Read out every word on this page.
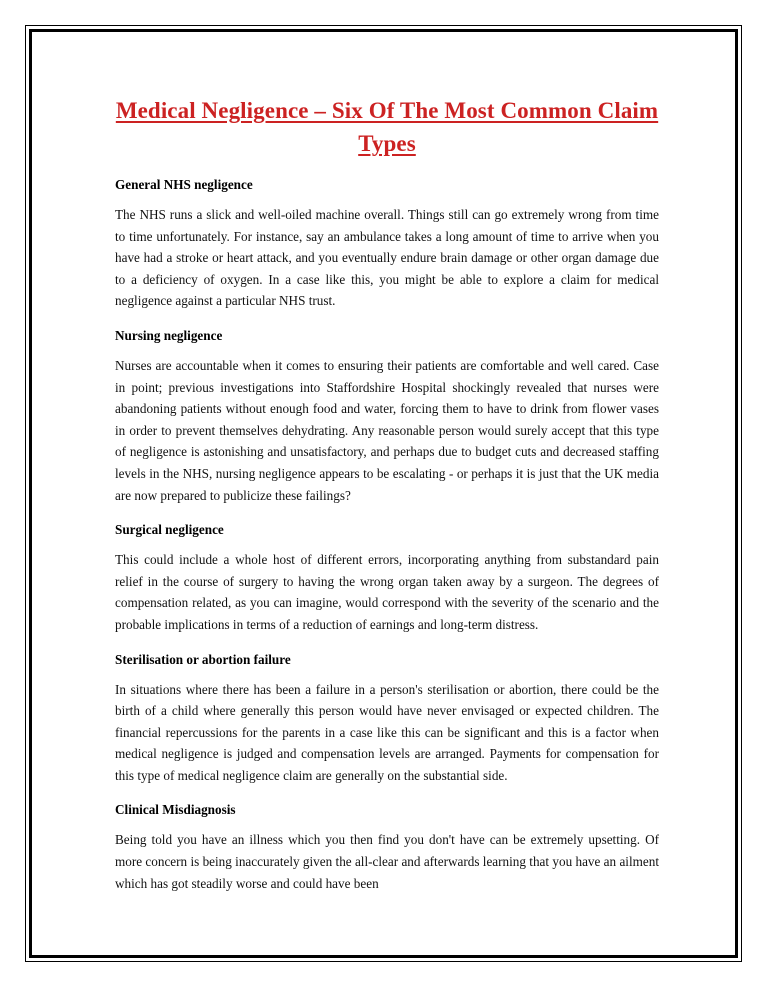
Medical Negligence – Six Of The Most Common Claim Types
General NHS negligence

The NHS runs a slick and well-oiled machine overall. Things still can go extremely wrong from time to time unfortunately. For instance, say an ambulance takes a long amount of time to arrive when you have had a stroke or heart attack, and you eventually endure brain damage or other organ damage due to a deficiency of oxygen. In a case like this, you might be able to explore a claim for medical negligence against a particular NHS trust.

Nursing negligence

Nurses are accountable when it comes to ensuring their patients are comfortable and well cared. Case in point; previous investigations into Staffordshire Hospital shockingly revealed that nurses were abandoning patients without enough food and water, forcing them to have to drink from flower vases in order to prevent themselves dehydrating. Any reasonable person would surely accept that this type of negligence is astonishing and unsatisfactory, and perhaps due to budget cuts and decreased staffing levels in the NHS, nursing negligence appears to be escalating - or perhaps it is just that the UK media are now prepared to publicize these failings?

Surgical negligence

This could include a whole host of different errors, incorporating anything from substandard pain relief in the course of surgery to having the wrong organ taken away by a surgeon. The degrees of compensation related, as you can imagine, would correspond with the severity of the scenario and the probable implications in terms of a reduction of earnings and long-term distress.

Sterilisation or abortion failure

In situations where there has been a failure in a person's sterilisation or abortion, there could be the birth of a child where generally this person would have never envisaged or expected children. The financial repercussions for the parents in a case like this can be significant and this is a factor when medical negligence is judged and compensation levels are arranged. Payments for compensation for this type of medical negligence claim are generally on the substantial side.

Clinical Misdiagnosis

Being told you have an illness which you then find you don't have can be extremely upsetting. Of more concern is being inaccurately given the all-clear and afterwards learning that you have an ailment which has got steadily worse and could have been
